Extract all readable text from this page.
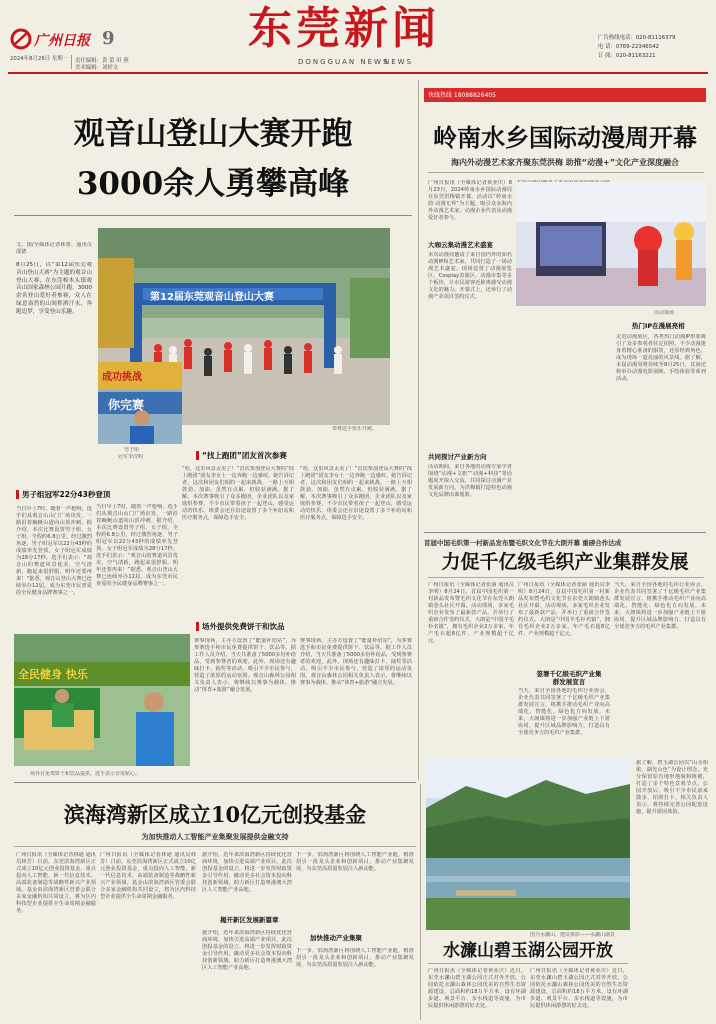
广州日报 9
2024年8月26日 星期一	责任编辑：黄 蕾 田 蕙
美术编辑：刘婷文
东莞新闻
DONGGUAN NEWS
NEWS
广告热线电话：020-81116379
电 话：0769-22346542
订 阅：020-81163221
观音山登山大赛开跑
3000余人勇攀高峰
文、图/全媒体记者林蕾、通讯员 邵德
8月25日，以“第12届东莞观音山登山大赛”为主题的观音山登山大赛，在东莞樟木头镇观音山国家森林公园开跑，3000余名登山爱好者参赛，众人在绿意盎然的山间挥洒汗水、奔跑追梦，享受登山乐趣。
第12届东莞观音山登山大赛
参赛选手快乐开跑。
成功挑战
你完赛
男子组
冠军李汉明
男子组冠军22分43秒登顶
当日早上7时，随着一声枪响，选手们从观音山山门广场出发，一路沿着蜿蜒山道向山顶冲刺。据介绍，本次比赛设置男子组、女子组，全程约6.8公里。经过激烈角逐，男子组冠军以22分43秒的成绩率先登顶，女子组冠军成绩为28分17秒。选手们表示：“观音山的赛道风景优美，空气清新，跑起来很舒服，明年还要再来！”据悉，观音山登山大赛已连续举办12届，成为东莞市民喜爱的全民健身品牌赛事之一。
当日早上7时，随着一声枪响，选手们从观音山山门广场出发，一路沿着蜿蜒山道向山顶冲刺。据介绍，本次比赛设置男子组、女子组，全程约6.8公里。经过激烈角逐，男子组冠军以22分43秒的成绩率先登顶，女子组冠军成绩为28分17秒。选手们表示：“观音山的赛道风景优美，空气清新，跑起来很舒服，明年还要再来！”据悉，观音山登山大赛已连续举办12届，成为东莞市民喜爱的全民健身品牌赛事之一。
“找上跑团”团友首次参赛
“哇，这里风景太美了！”首次参加登山大赛的“找上跑团”团友李女士一边奔跑一边感叹。她告诉记者，这次和团友们相约一起来挑战，一路上互相鼓劲、加油，虽然有点累，但收获满满。据了解，本次赛事吸引了众多跑团、企业团队以及家庭组参赛，不少市民带着孩子一起登山，感受运动的快乐。组委会还在沿途设置了多个补给站和医疗服务点，保障选手安全。
“哇，这里风景太美了！”首次参加登山大赛的“找上跑团”团友李女士一边奔跑一边感叹。她告诉记者，这次和团友们相约一起来挑战，一路上互相鼓劲、加油，虽然有点累，但收获满满。据了解，本次赛事吸引了众多跑团、企业团队以及家庭组参赛，不少市民带着孩子一起登山，感受运动的快乐。组委会还在沿途设置了多个补给站和医疗服务点，保障选手安全。
场外提供免费饼干和饮品
赛事现场，主办方设置了“能量补给站”，为参赛选手和市民免费提供饼干、饮品等。据工作人员介绍，当天共准备了5000多份补给品，受到参赛者的欢迎。此外，现场还有趣味打卡、抽奖等活动，吸引不少市民参与，营造了浓厚的运动氛围。观音山森林公园相关负责人表示，将继续以赛事为载体，推动“体育+旅游”融合发展。
赛事现场，主办方设置了“能量补给站”，为参赛选手和市民免费提供饼干、饮品等。据工作人员介绍，当天共准备了5000多份补给品，受到参赛者的欢迎。此外，现场还有趣味打卡、抽奖等活动，吸引不少市民参与，营造了浓厚的运动氛围。观音山森林公园相关负责人表示，将继续以赛事为载体，推动“体育+旅游”融合发展。
全民健身 快乐
场外有免费饼干和饮品提供，选手表示非常贴心。
快线热线 18088826405
岭南水乡国际动漫周开幕
海内外动漫艺术家齐聚东莞洪梅 助推“动漫+”文化产业深度融合
广州日报讯（全媒体记者黄业庆）8月23日，2024岭南水乡国际动漫周在东莞洪梅镇开幕。活动以“岭南水韵·动漫无界”为主题，吸引众多海内外动漫艺术家、动漫企业代表及动漫爱好者参与。
大咖云集动漫艺术盛宴
本次动漫周邀请了来自国内外的知名动漫IP和艺术家，共同打造了一场动漫艺术盛宴。现场设置了动漫展览区、Cosplay表演区、动漫市集等多个板块，让市民游客近距离感受动漫文化的魅力。开幕式上，还举行了动漫产业项目签约仪式。
共同探讨产业新方向
活动期间，来自各地的动漫专家学者围绕“动漫+文旅”“动漫+科技”等话题展开深入交流，共同探讨动漫产业发展新方向，为洪梅镇打造特色动漫文化品牌出谋划策。
活动现场
热门IP在漫展亮相
走进动漫展区，各类热门动漫IP形象吸引了众多参观者驻足拍照。不少动漫迷身着精心准备的服装，还原经典角色，成为现场一道亮丽的风景线。据了解，本届动漫周将持续至8月25日，其间还将举办动漫电影展映、手绘体验等系列活动。
首届中国毛织第一村新品发布暨毛织文化节在大朗开幕 重磅合作达成
力促千亿级毛织产业集群发展
广州日报讯（全媒体记者张丽 通讯员李明）8月24日，首届中国毛织第一村新品发布暨毛织文化节在东莞大朗镇巷头社区开幕。活动现场，多家毛织企业发布了最新款产品，并举行了重磅合作签约仪式。大朗是“中国羊毛衫名镇”，拥有毛织企业2万多家，年产毛衣超8亿件，产业规模超千亿元。
广州日报讯（全媒体记者张丽 通讯员李明）8月24日，首届中国毛织第一村新品发布暨毛织文化节在东莞大朗镇巷头社区开幕。活动现场，多家毛织企业发布了最新款产品，并举行了重磅合作签约仪式。大朗是“中国羊毛衫名镇”，拥有毛织企业2万多家，年产毛衣超8亿件，产业规模超千亿元。
签署千亿级毛织产业集群发展宣言
当天，来自全国各地的毛织行业协会、企业代表共同签署了千亿级毛织产业集群发展宣言，将携手推动毛织产业向高端化、智能化、绿色化方向发展。未来，大朗镇将进一步加强产业链上下游协同，提升区域品牌影响力，打造具有全球竞争力的毛织产业集群。
当天，来自全国各地的毛织行业协会、企业代表共同签署了千亿级毛织产业集群发展宣言，将携手推动毛织产业向高端化、智能化、绿色化方向发展。未来，大朗镇将进一步加强产业链上下游协同，提升区域品牌影响力，打造具有全球竞争力的毛织产业集群。
滨海湾新区成立10亿元创投基金
为加快推动人工智能产业集聚发展提供金融支持
广州日报讯（全媒体记者林通 通讯员林芳）日前，东莞滨海湾新区正式成立10亿元创业投资基金，重点投向人工智能、新一代信息技术、高端装备制造等战略性新兴产业领域。基金由滨海湾新区管委会联合多家金融机构共同设立，将为区内科技型企业提供全生命周期金融服务。
广州日报讯（全媒体记者林通 通讯员林芳）日前，东莞滨海湾新区正式成立10亿元创业投资基金，重点投向人工智能、新一代信息技术、高端装备制造等战略性新兴产业领域。基金由滨海湾新区管委会联合多家金融机构共同设立，将为区内科技型企业提供全生命周期金融服务。
据介绍，近年来滨海湾新区持续优化营商环境，加快引进高端产业项目。此次创投基金的设立，将进一步发挥财政资金引导作用，撬动更多社会资本投向科技创新领域，助力新区打造粤港澳大湾区人工智能产业高地。
揭开新区发展新篇章
据介绍，近年来滨海湾新区持续优化营商环境，加快引进高端产业项目。此次创投基金的设立，将进一步发挥财政资金引导作用，撬动更多社会资本投向科技创新领域，助力新区打造粤港澳大湾区人工智能产业高地。
下一步，滨海湾新区将围绕人工智能产业链，精准招引一批龙头企业和创新项目，推动产业集聚发展，为东莞高质量发展注入新动能。
加快推动产业集聚
下一步，滨海湾新区将围绕人工智能产业链，精准招引一批龙头企业和创新项目，推动产业集聚发展，为东莞高质量发展注入新动能。
图为水濂山，建议摄影——水濂山湖景
水濂山碧玉湖公园开放
广州日报讯（全媒体记者黄业庆）近日，东莞水濂山碧玉湖公园正式对外开放。公园依托水濂山森林公园优美的自然生态资源建设，总面积约18万平方米，设有环湖步道、观景平台、亲水栈道等设施，为市民提供休闲游憩的好去处。
广州日报讯（全媒体记者黄业庆）近日，东莞水濂山碧玉湖公园正式对外开放。公园依托水濂山森林公园优美的自然生态资源建设，总面积约18万平方米，设有环湖步道、观景平台、亲水栈道等设施，为市民提供休闲游憩的好去处。
据了解，碧玉湖公园以“山水相依、湖光山色”为设计理念，充分保留原有地形地貌和植被，打造了多个特色景观节点。公园开放后，吸引不少市民前来散步、拍照打卡。相关负责人表示，将持续完善公园配套设施，提升游园体验。
